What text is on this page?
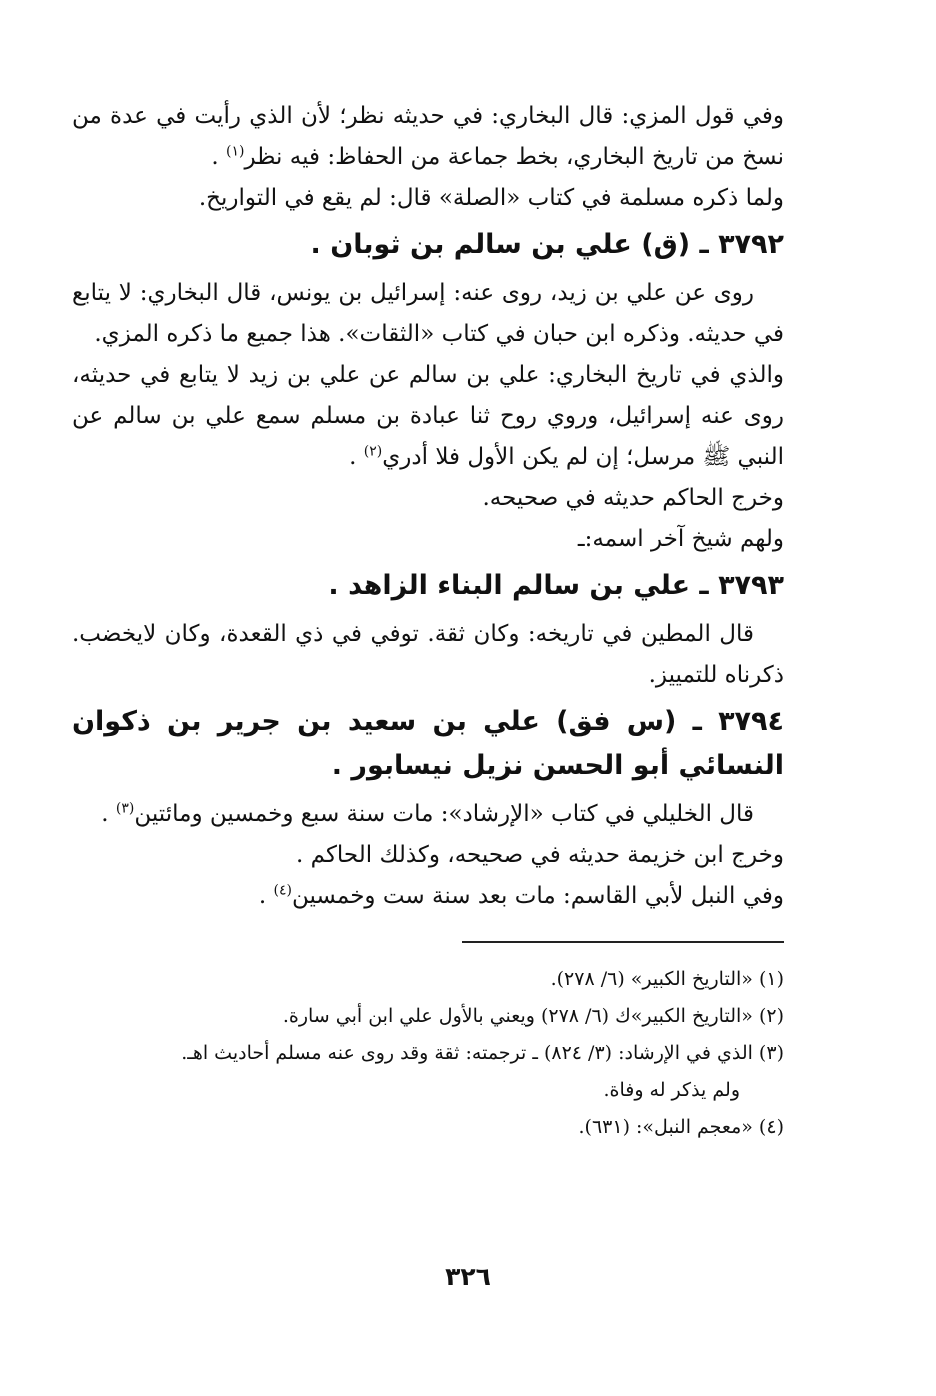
وفي قول المزي: قال البخاري: في حديثه نظر؛ لأن الذي رأيت في عدة من نسخ من تاريخ البخاري، بخط جماعة من الحفاظ: فيه نظر$^{(١)}$ .

ولما ذكره مسلمة في كتاب «الصلة» قال: لم يقع في التواريخ.

٣٧٩٢ ـ (ق) علي بن سالم بن ثوبان .

روى عن علي بن زيد، روى عنه: إسرائيل بن يونس، قال البخاري: لا يتابع في حديثه. وذكره ابن حبان في كتاب «الثقات». هذا جميع ما ذكره المزي.

والذي في تاريخ البخاري: علي بن سالم عن علي بن زيد لا يتابع في حديثه، روى عنه إسرائيل، وروي روح ثنا عبادة بن مسلم سمع علي بن سالم عن النبي ﷺ مرسل؛ إن لم يكن الأول فلا أدري$^{(٢)}$ .

وخرج الحاكم حديثه في صحيحه.

ولهم شيخ آخر اسمه:ـ

٣٧٩٣ ـ علي بن سالم البناء الزاهد .

قال المطين في تاريخه: وكان ثقة. توفي في ذي القعدة، وكان لايخضب. ذكرناه للتمييز.

٣٧٩٤ ـ (س فق) علي بن سعيد بن جرير بن ذكوان النسائي أبو الحسن نزيل نيسابور .

قال الخليلي في كتاب «الإرشاد»: مات سنة سبع وخمسين ومائتين$^{(٣)}$ .

وخرج ابن خزيمة حديثه في صحيحه، وكذلك الحاكم .

وفي النبل لأبي القاسم: مات بعد سنة ست وخمسين$^{(٤)}$ .

(١) «التاريخ الكبير» (٦/ ٢٧٨).

(٢) «التاريخ الكبير»ك (٦/ ٢٧٨) ويعني بالأول علي ابن أبي سارة.

(٣) الذي في الإرشاد: (٣/ ٨٢٤) ـ ترجمته: ثقة وقد روى عنه مسلم أحاديث اهـ.

ولم يذكر له وفاة.

(٤) «معجم النبل»: (٦٣١).

٣٢٦
